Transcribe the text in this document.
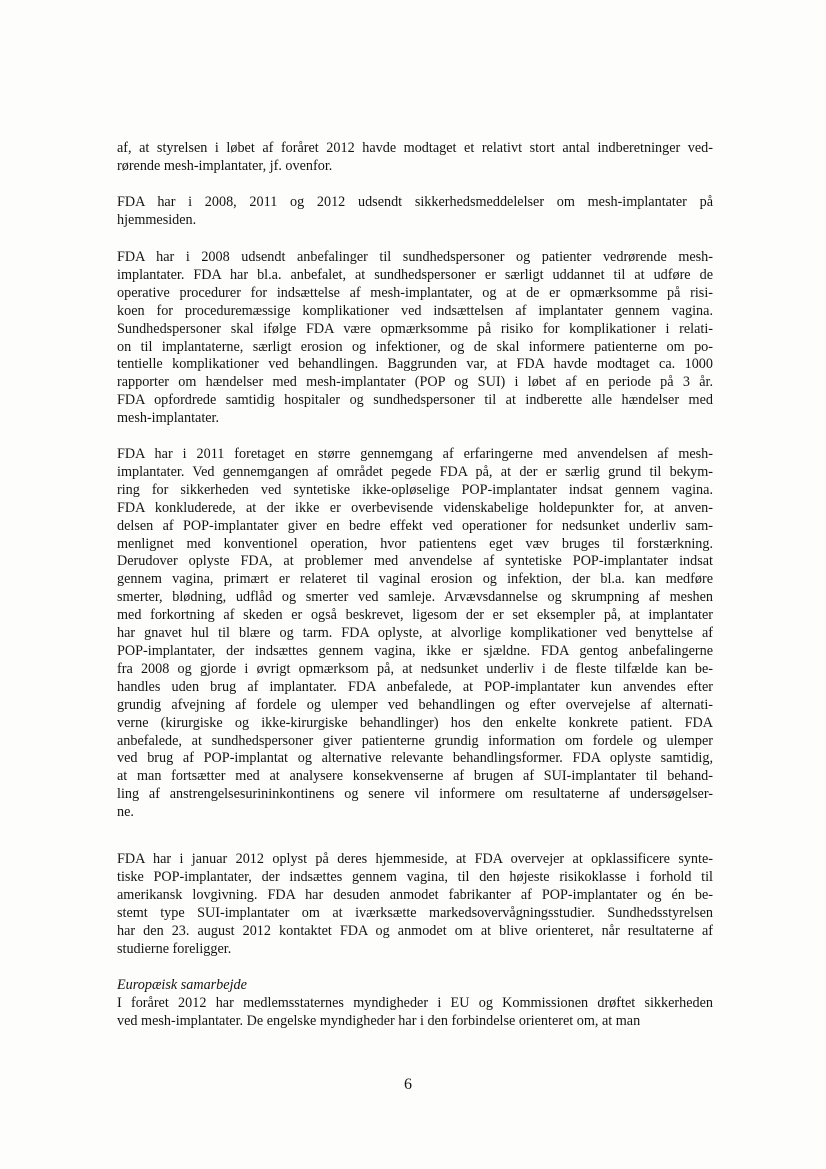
af, at styrelsen i løbet af foråret 2012 havde modtaget et relativt stort antal indberetninger ved-
rørende mesh-implantater, jf. ovenfor.
FDA har i 2008, 2011 og 2012 udsendt sikkerhedsmeddelelser om mesh-implantater på
hjemmesiden.
FDA har i 2008 udsendt anbefalinger til sundhedspersoner og patienter vedrørende mesh-
implantater. FDA har bl.a. anbefalet, at sundhedspersoner er særligt uddannet til at udføre de
operative procedurer for indsættelse af mesh-implantater, og at de er opmærksomme på risi-
koen for proceduremæssige komplikationer ved indsættelsen af implantater gennem vagina.
Sundhedspersoner skal ifølge FDA være opmærksomme på risiko for komplikationer i relati-
on til implantaterne, særligt erosion og infektioner, og de skal informere patienterne om po-
tentielle komplikationer ved behandlingen. Baggrunden var, at FDA havde modtaget ca. 1000
rapporter om hændelser med mesh-implantater (POP og SUI) i løbet af en periode på 3 år.
FDA opfordrede samtidig hospitaler og sundhedspersoner til at indberette alle hændelser med
mesh-implantater.
FDA har i 2011 foretaget en større gennemgang af erfaringerne med anvendelsen af mesh-
implantater. Ved gennemgangen af området pegede FDA på, at der er særlig grund til bekym-
ring for sikkerheden ved syntetiske ikke-opløselige POP-implantater indsat gennem vagina.
FDA konkluderede, at der ikke er overbevisende videnskabelige holdepunkter for, at anven-
delsen af POP-implantater giver en bedre effekt ved operationer for nedsunket underliv sam-
menlignet med konventionel operation, hvor patientens eget væv bruges til forstærkning.
Derudover oplyste FDA, at problemer med anvendelse af syntetiske POP-implantater indsat
gennem vagina, primært er relateret til vaginal erosion og infektion, der bl.a. kan medføre
smerter, blødning, udflåd og smerter ved samleje. Arvævsdannelse og skrumpning af meshen
med forkortning af skeden er også beskrevet, ligesom der er set eksempler på, at implantater
har gnavet hul til blære og tarm. FDA oplyste, at alvorlige komplikationer ved benyttelse af
POP-implantater, der indsættes gennem vagina, ikke er sjældne. FDA gentog anbefalingerne
fra 2008 og gjorde i øvrigt opmærksom på, at nedsunket underliv i de fleste tilfælde kan be-
handles uden brug af implantater. FDA anbefalede, at POP-implantater kun anvendes efter
grundig afvejning af fordele og ulemper ved behandlingen og efter overvejelse af alternati-
verne (kirurgiske og ikke-kirurgiske behandlinger) hos den enkelte konkrete patient. FDA
anbefalede, at sundhedspersoner giver patienterne grundig information om fordele og ulemper
ved brug af POP-implantat og alternative relevante behandlingsformer. FDA oplyste samtidig,
at man fortsætter med at analysere konsekvenserne af brugen af SUI-implantater til behand-
ling af anstrengelsesurininkontinens og senere vil informere om resultaterne af undersøgelser-
ne.
FDA har i januar 2012 oplyst på deres hjemmeside, at FDA overvejer at opklassificere synte-
tiske POP-implantater, der indsættes gennem vagina, til den højeste risikoklasse i forhold til
amerikansk lovgivning. FDA har desuden anmodet fabrikanter af POP-implantater og én be-
stemt type SUI-implantater om at iværksætte markedsovervågningsstudier. Sundhedsstyrelsen
har den 23. august 2012 kontaktet FDA og anmodet om at blive orienteret, når resultaterne af
studierne foreligger.
Europæisk samarbejde
I foråret 2012 har medlemsstaternes myndigheder i EU og Kommissionen drøftet sikkerheden
ved mesh-implantater. De engelske myndigheder har i den forbindelse orienteret om, at man
6
